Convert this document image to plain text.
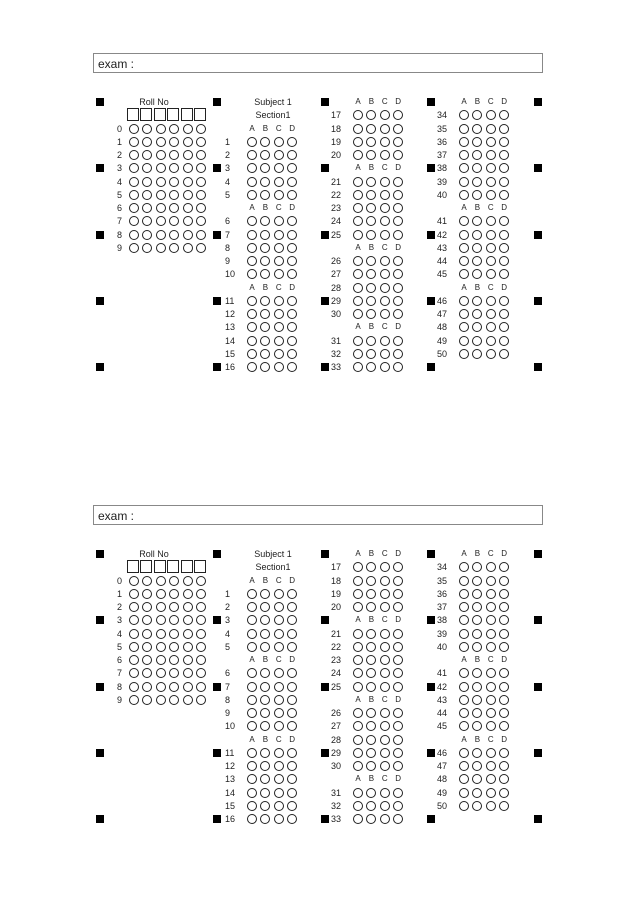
exam :
Roll No
0
1
2
3
4
5
6
7
8
9
Subject 1
Section1
A B C D
1
2
3
4
5
A B C D
6
7
8
9
10
A B C D
11
12
13
14
15
16
A B C D
17
18
19
20
A B C D
21
22
23
24
25
A B C D
26
27
28
29
30
A B C D
31
32
33
A B C D
34
35
36
37
38
39
40
A B C D
41
42
43
44
45
A B C D
46
47
48
49
50
exam :
Roll No
0
1
2
3
4
5
6
7
8
9
Subject 1
Section1
A B C D
1
2
3
4
5
A B C D
6
7
8
9
10
A B C D
11
12
13
14
15
16
A B C D
17
18
19
20
A B C D
21
22
23
24
25
A B C D
26
27
28
29
30
A B C D
31
32
33
A B C D
34
35
36
37
38
39
40
A B C D
41
42
43
44
45
A B C D
46
47
48
49
50
